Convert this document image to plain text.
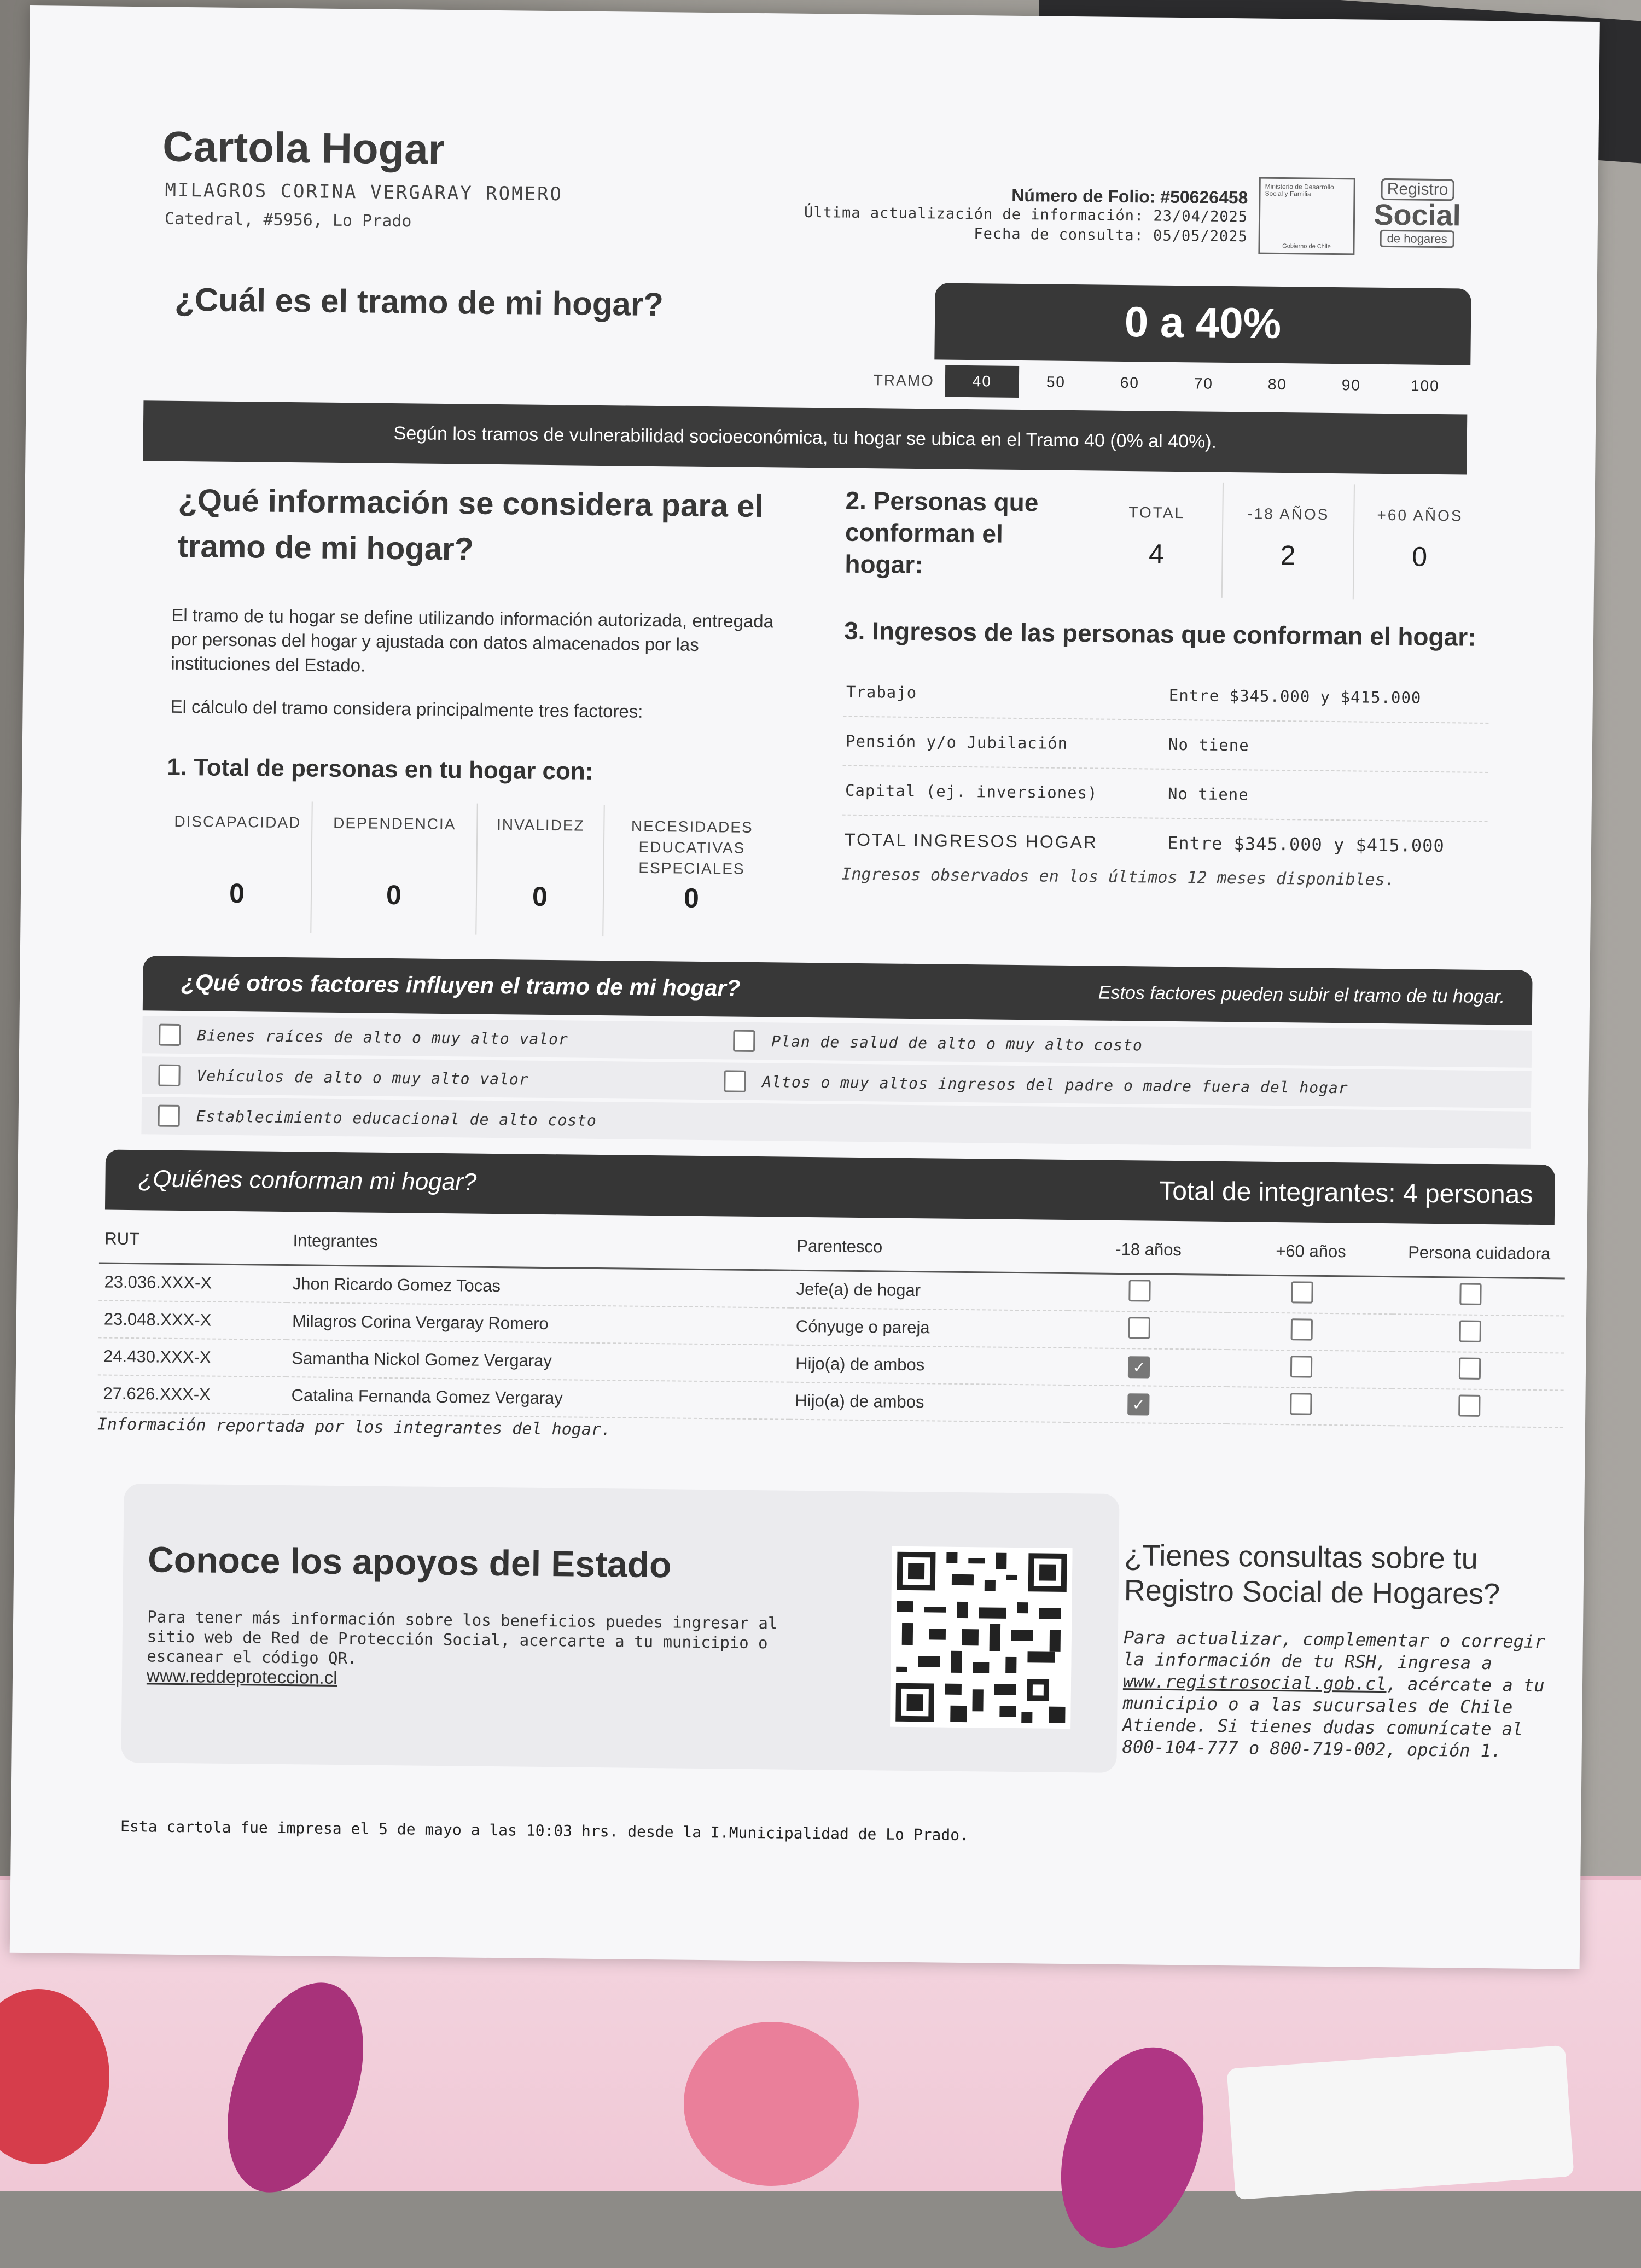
Cartola Hogar
MILAGROS CORINA VERGARAY ROMERO
Catedral, #5956, Lo Prado
Número de Folio: #50626458
Última actualización de información: 23/04/2025
Fecha de consulta: 05/05/2025
Ministerio de Desarrollo Social y Familia
Gobierno de Chile
Registro
Social
de hogares
¿Cuál es el tramo de mi hogar?	0 a 40%
TRAMO	40	50	60	70	80	90	100
Según los tramos de vulnerabilidad socioeconómica, tu hogar se ubica en el Tramo 40 (0% al 40%).
¿Qué información se considera para el tramo de mi hogar?
El tramo de tu hogar se define utilizando información autorizada, entregada por personas del hogar y ajustada con datos almacenados por las instituciones del Estado.
El cálculo del tramo considera principalmente tres factores:
1. Total de personas en tu hogar con:
DISCAPACIDAD
0
DEPENDENCIA
0
INVALIDEZ
0
NECESIDADES EDUCATIVAS ESPECIALES
0
2. Personas que conforman el hogar:
TOTAL
4
-18 AÑOS
2
+60 AÑOS
0
3. Ingresos de las personas que conforman el hogar:
Trabajo	Entre $345.000 y $415.000
Pensión y/o Jubilación	No tiene
Capital (ej. inversiones)	No tiene
TOTAL INGRESOS HOGAR	Entre $345.000 y $415.000
Ingresos observados en los últimos 12 meses disponibles.
¿Qué otros factores influyen el tramo de mi hogar?	Estos factores pueden subir el tramo de tu hogar.
Bienes raíces de alto o muy alto valor	Plan de salud de alto o muy alto costo
Vehículos de alto o muy alto valor	Altos o muy altos ingresos del padre o madre fuera del hogar
Establecimiento educacional de alto costo
¿Quiénes conforman mi hogar?	Total de integrantes: 4 personas
RUT	Integrantes	Parentesco	-18 años	+60 años	Persona cuidadora
23.036.XXX-X	Jhon Ricardo Gomez Tocas	Jefe(a) de hogar			
23.048.XXX-X	Milagros Corina Vergaray Romero	Cónyuge o pareja			
24.430.XXX-X	Samantha Nickol Gomez Vergaray	Hijo(a) de ambos	✓		
27.626.XXX-X	Catalina Fernanda Gomez Vergaray	Hijo(a) de ambos	✓		
Información reportada por los integrantes del hogar.
Conoce los apoyos del Estado
Para tener más información sobre los beneficios puedes ingresar al sitio web de Red de Protección Social, acercarte a tu municipio o escanear el código QR.
www.reddeproteccion.cl
¿Tienes consultas sobre tu Registro Social de Hogares?
Para actualizar, complementar o corregir la información de tu RSH, ingresa a www.registrosocial.gob.cl, acércate a tu municipio o a las sucursales de Chile Atiende. Si tienes dudas comunícate al 800-104-777 o 800-719-002, opción 1.
Esta cartola fue impresa el 5 de mayo a las 10:03 hrs. desde la I.Municipalidad de Lo Prado.
